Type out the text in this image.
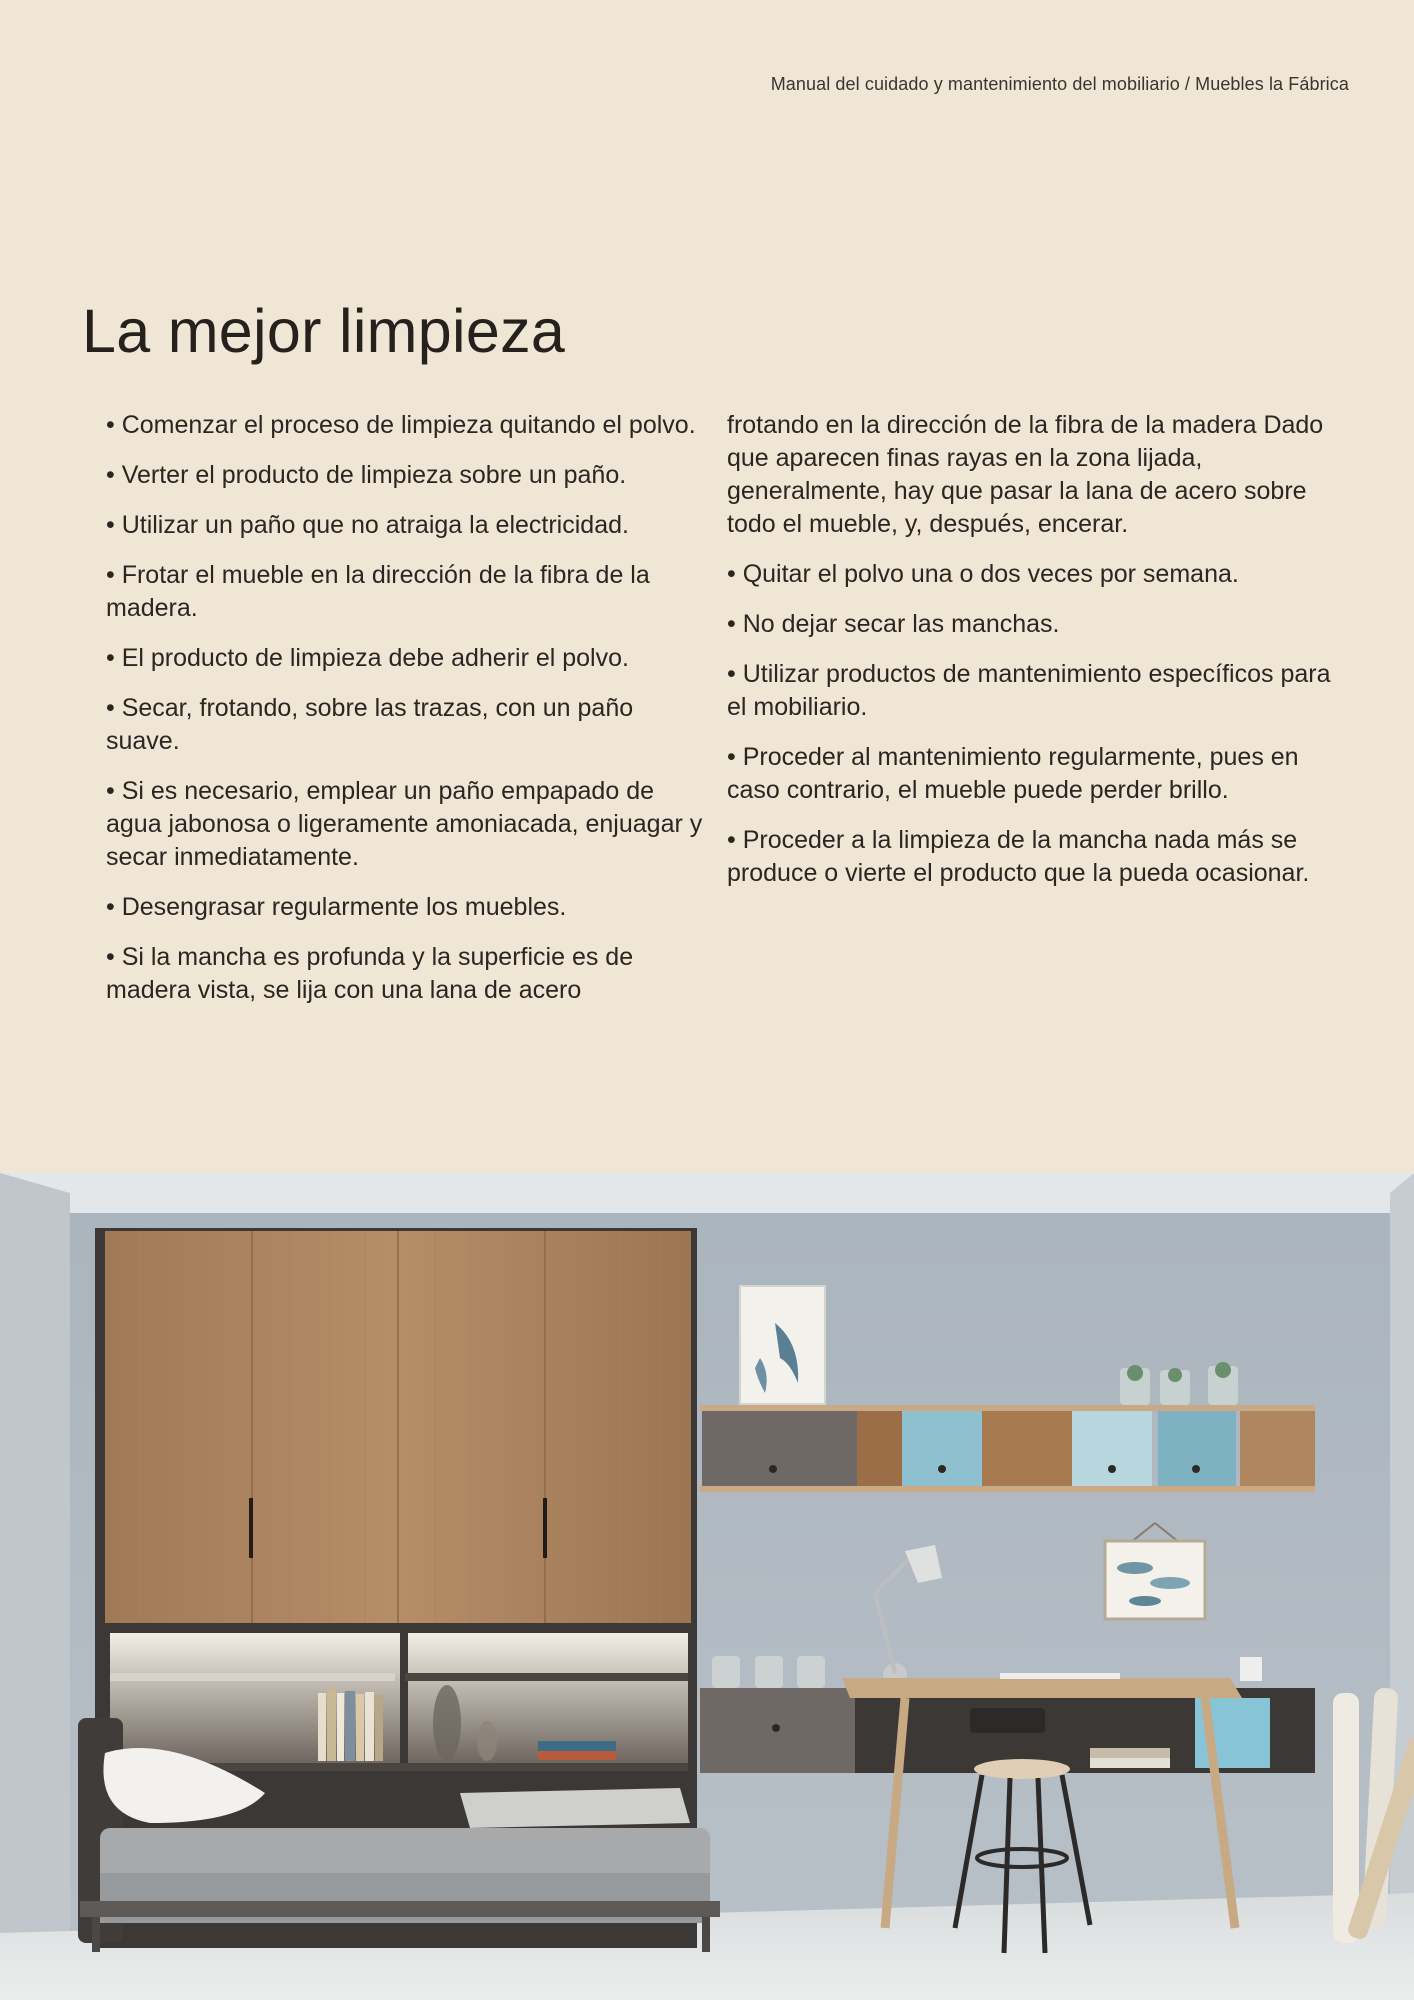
Manual del cuidado y mantenimiento del mobiliario / Muebles la Fábrica
La mejor limpieza

• Comenzar el proceso de limpieza quitando el polvo.

• Verter el producto de limpieza sobre un paño.

• Utilizar un paño que no atraiga la electricidad.

• Frotar el mueble en la dirección de la fibra de la madera.

• El producto de limpieza debe adherir el polvo.

• Secar, frotando, sobre las trazas, con un paño suave.

• Si es necesario, emplear un paño empapado de agua jabonosa o ligeramente amoniacada, enjuagar y secar inmediatamente.

• Desengrasar regularmente los muebles.

• Si la mancha es profunda y la superficie es de madera vista, se lija con una lana de acero

frotando en la dirección de la fibra de la madera Dado que aparecen finas rayas en la zona lijada, generalmente, hay que pasar la lana de acero sobre todo el mueble, y, después, encerar.

• Quitar el polvo una o dos veces por semana.

• No dejar secar las manchas.

• Utilizar productos de mantenimiento específicos para el mobiliario.

• Proceder al mantenimiento regularmente, pues en caso contrario, el mueble puede perder brillo.

• Proceder a la limpieza de la mancha nada más se produce o vierte el producto que la pueda ocasionar.
